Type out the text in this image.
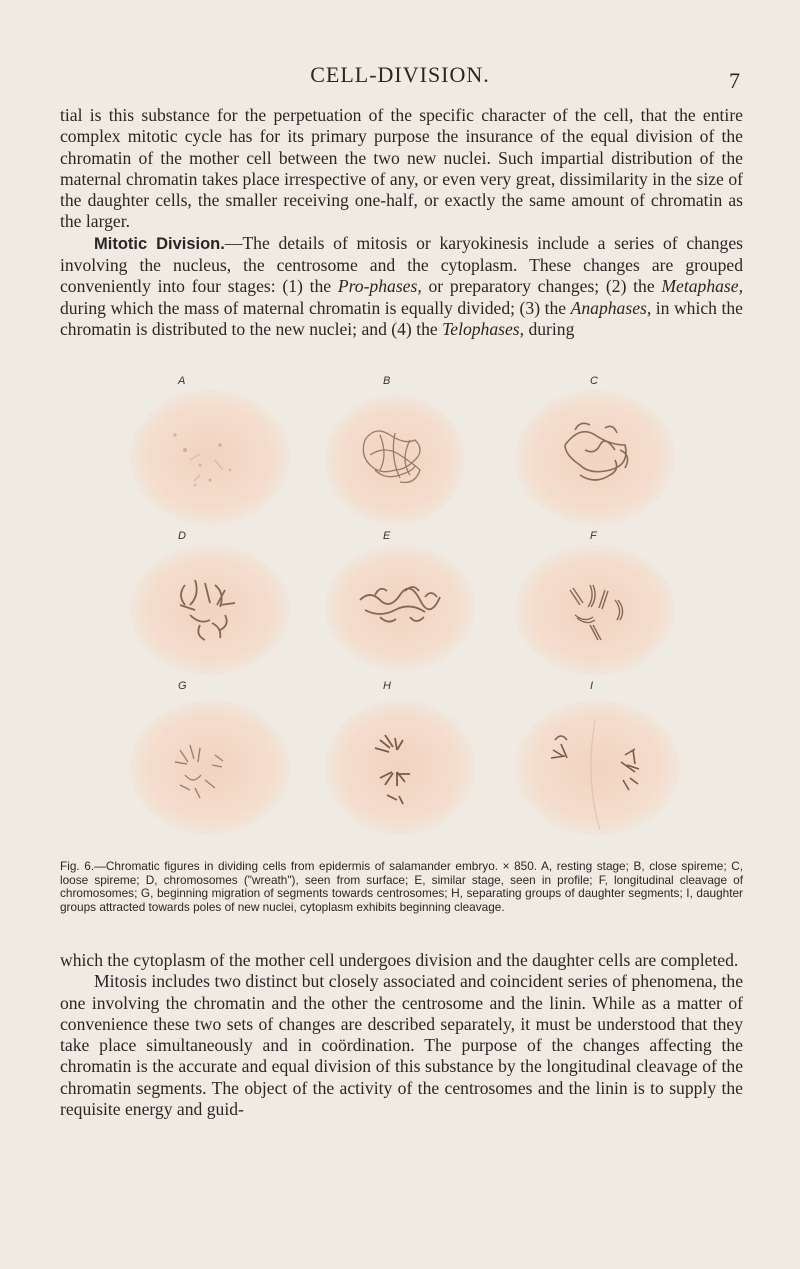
CELL-DIVISION.	7

tial is this substance for the perpetuation of the specific character of the cell, that the entire complex mitotic cycle has for its primary purpose the insurance of the equal division of the chromatin of the mother cell between the two new nuclei. Such impartial distribution of the maternal chromatin takes place irrespective of any, or even very great, dissimilarity in the size of the daughter cells, the smaller receiving one-half, or exactly the same amount of chromatin as the larger.

Mitotic Division.—The details of mitosis or karyokinesis include a series of changes involving the nucleus, the centrosome and the cytoplasm. These changes are grouped conveniently into four stages: (1) the Pro-phases, or preparatory changes; (2) the Metaphase, during which the mass of maternal chromatin is equally divided; (3) the Anaphases, in which the chromatin is distributed to the new nuclei; and (4) the Telophases, during

A	B	C
D	E	F
G	H	I
Fig. 6.—Chromatic figures in dividing cells from epidermis of salamander embryo. × 850. A, resting stage; B, close spireme; C, loose spireme; D, chromosomes ("wreath"), seen from surface; E, similar stage, seen in profile; F, longitudinal cleavage of chromosomes; G, beginning migration of segments towards centrosomes; H, separating groups of daughter segments; I, daughter groups attracted towards poles of new nuclei, cytoplasm exhibits beginning cleavage.

which the cytoplasm of the mother cell undergoes division and the daughter cells are completed.

Mitosis includes two distinct but closely associated and coincident series of phenomena, the one involving the chromatin and the other the centrosome and the linin. While as a matter of convenience these two sets of changes are described separately, it must be understood that they take place simultaneously and in coördination. The purpose of the changes affecting the chromatin is the accurate and equal division of this substance by the longitudinal cleavage of the chromatin segments. The object of the activity of the centrosomes and the linin is to supply the requisite energy and guid-
